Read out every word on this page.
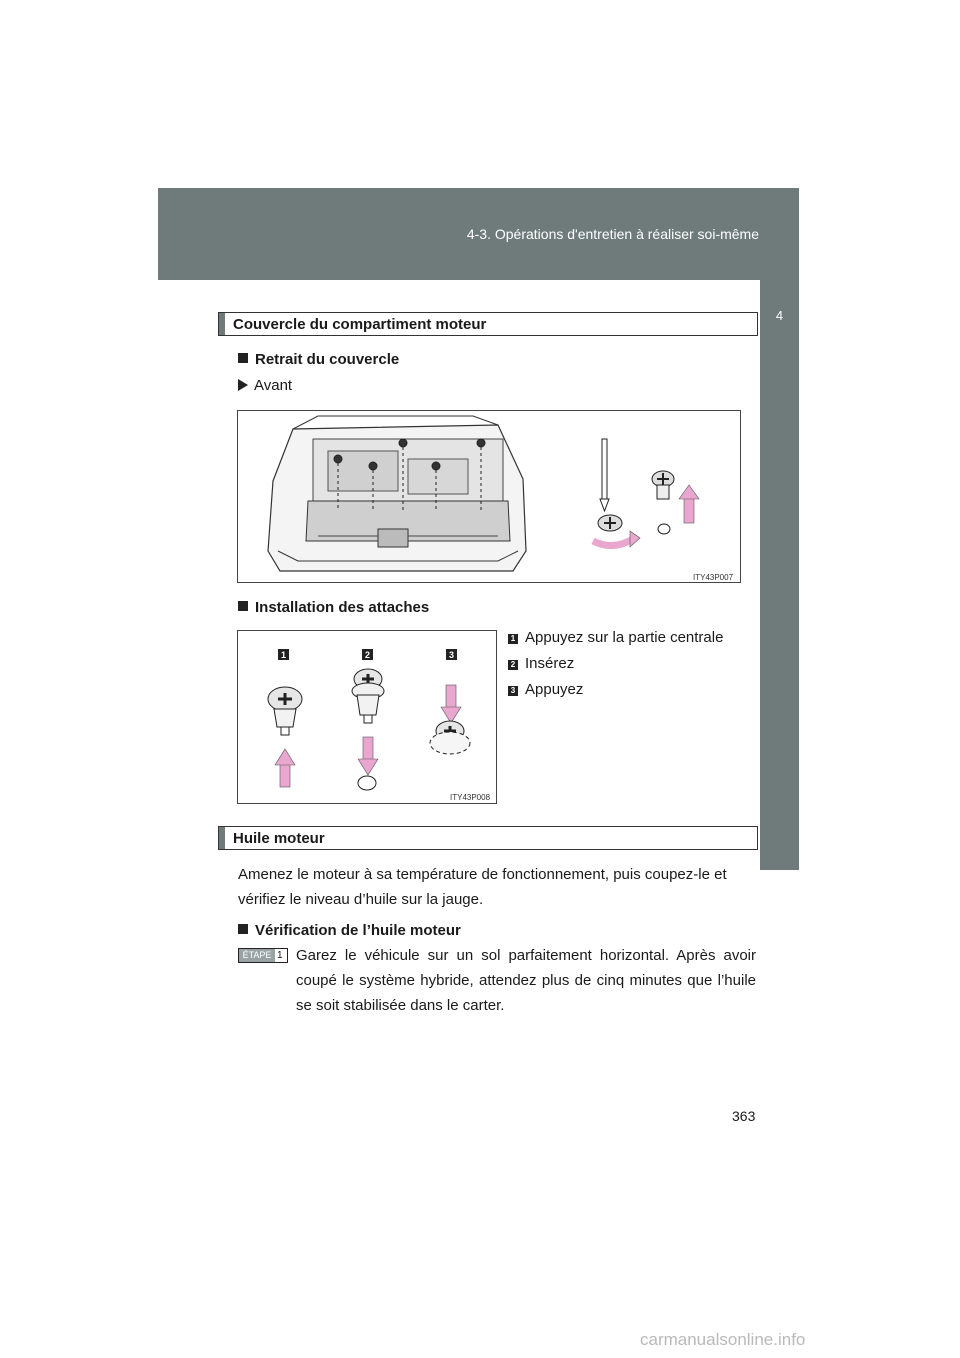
4-3. Opérations d'entretien à réaliser soi-même
4
Couvercle du compartiment moteur
Retrait du couvercle
Avant
ITY43P007
Installation des attaches
1	2	3
ITY43P008
1 Appuyez sur la partie centrale
2 Insérez
3 Appuyez
Huile moteur
Amenez le moteur à sa température de fonctionnement, puis coupez-le et vérifiez le niveau d’huile sur la jauge.
Vérification de l’huile moteur
ÉTAPE 1 Garez le véhicule sur un sol parfaitement horizontal. Après avoir coupé le système hybride, attendez plus de cinq minutes que l’huile se soit stabilisée dans le carter.
363
carmanualsonline.info
